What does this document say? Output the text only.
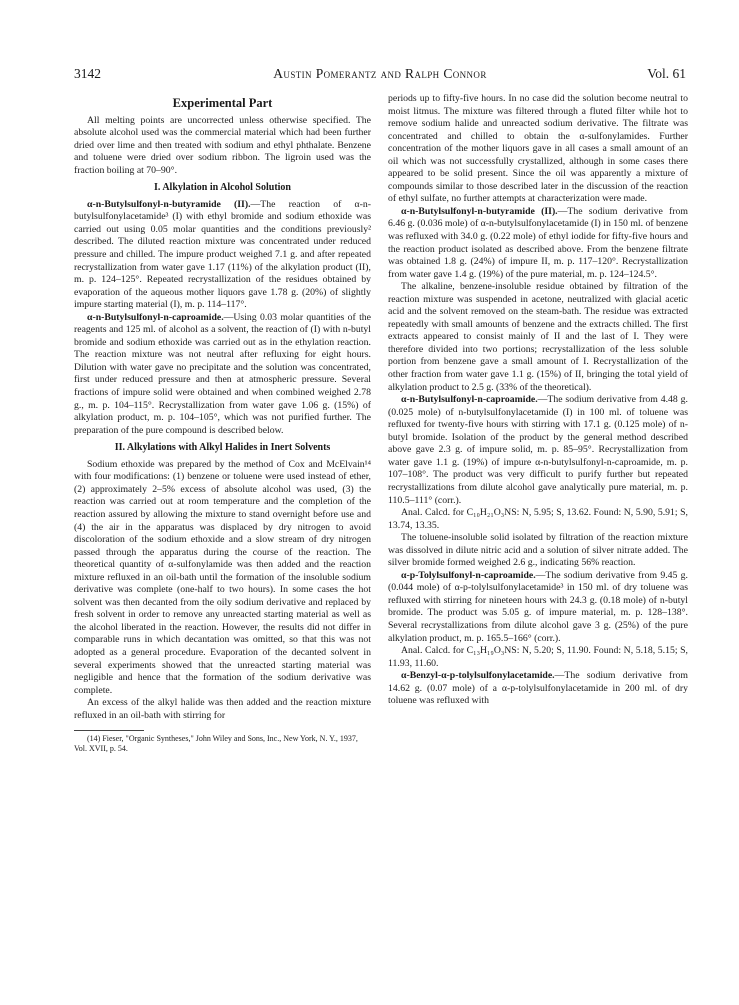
3142	Austin Pomerantz and Ralph Connor	Vol. 61
Experimental Part

All melting points are uncorrected unless otherwise specified. The absolute alcohol used was the commercial material which had been further dried over lime and then treated with sodium and ethyl phthalate. Benzene and toluene were dried over sodium ribbon. The ligroin used was the fraction boiling at 70–90°.

I. Alkylation in Alcohol Solution

α-n-Butylsulfonyl-n-butyramide (II).—The reaction of α-n-butylsulfonylacetamide³ (I) with ethyl bromide and sodium ethoxide was carried out using 0.05 molar quantities and the conditions previously² described. The diluted reaction mixture was concentrated under reduced pressure and chilled. The impure product weighed 7.1 g. and after repeated recrystallization from water gave 1.17 (11%) of the alkylation product (II), m. p. 124–125°. Repeated recrystallization of the residues obtained by evaporation of the aqueous mother liquors gave 1.78 g. (20%) of slightly impure starting material (I), m. p. 114–117°.

α-n-Butylsulfonyl-n-caproamide.—Using 0.03 molar quantities of the reagents and 125 ml. of alcohol as a solvent, the reaction of (I) with n-butyl bromide and sodium ethoxide was carried out as in the ethylation reaction. The reaction mixture was not neutral after refluxing for eight hours. Dilution with water gave no precipitate and the solution was concentrated, first under reduced pressure and then at atmospheric pressure. Several fractions of impure solid were obtained and when combined weighed 2.78 g., m. p. 104–115°. Recrystallization from water gave 1.06 g. (15%) of alkylation product, m. p. 104–105°, which was not purified further. The preparation of the pure compound is described below.

II. Alkylations with Alkyl Halides in Inert Solvents

Sodium ethoxide was prepared by the method of Cox and McElvain¹⁴ with four modifications: (1) benzene or toluene were used instead of ether, (2) approximately 2–5% excess of absolute alcohol was used, (3) the reaction was carried out at room temperature and the completion of the reaction assured by allowing the mixture to stand overnight before use and (4) the air in the apparatus was displaced by dry nitrogen to avoid discoloration of the sodium ethoxide and a slow stream of dry nitrogen passed through the apparatus during the course of the reaction. The theoretical quantity of α-sulfonylamide was then added and the reaction mixture refluxed in an oil-bath until the formation of the insoluble sodium derivative was complete (one-half to two hours). In some cases the hot solvent was then decanted from the oily sodium derivative and replaced by fresh solvent in order to remove any unreacted starting material as well as the alcohol liberated in the reaction. However, the results did not differ in comparable runs in which decantation was omitted, so that this was not adopted as a general procedure. Evaporation of the decanted solvent in several experiments showed that the unreacted starting material was negligible and hence that the formation of the sodium derivative was complete.

An excess of the alkyl halide was then added and the reaction mixture refluxed in an oil-bath with stirring for

(14) Fieser, "Organic Syntheses," John Wiley and Sons, Inc., New York, N. Y., 1937, Vol. XVII, p. 54.

periods up to fifty-five hours. In no case did the solution become neutral to moist litmus. The mixture was filtered through a fluted filter while hot to remove sodium halide and unreacted sodium derivative. The filtrate was concentrated and chilled to obtain the α-sulfonylamides. Further concentration of the mother liquors gave in all cases a small amount of an oil which was not successfully crystallized, although in some cases there appeared to be solid present. Since the oil was apparently a mixture of compounds similar to those described later in the discussion of the reaction of ethyl sulfate, no further attempts at characterization were made.

α-n-Butylsulfonyl-n-butyramide (II).—The sodium derivative from 6.46 g. (0.036 mole) of α-n-butylsulfonylacetamide (I) in 150 ml. of benzene was refluxed with 34.0 g. (0.22 mole) of ethyl iodide for fifty-five hours and the reaction product isolated as described above. From the benzene filtrate was obtained 1.8 g. (24%) of impure II, m. p. 117–120°. Recrystallization from water gave 1.4 g. (19%) of the pure material, m. p. 124–124.5°.

The alkaline, benzene-insoluble residue obtained by filtration of the reaction mixture was suspended in acetone, neutralized with glacial acetic acid and the solvent removed on the steam-bath. The residue was extracted repeatedly with small amounts of benzene and the extracts chilled. The first extracts appeared to consist mainly of II and the last of I. They were therefore divided into two portions; recrystallization of the less soluble portion from benzene gave a small amount of I. Recrystallization of the other fraction from water gave 1.1 g. (15%) of II, bringing the total yield of alkylation product to 2.5 g. (33% of the theoretical).

α-n-Butylsulfonyl-n-caproamide.—The sodium derivative from 4.48 g. (0.025 mole) of n-butylsulfonylacetamide (I) in 100 ml. of toluene was refluxed for twenty-five hours with stirring with 17.1 g. (0.125 mole) of n-butyl bromide. Isolation of the product by the general method described above gave 2.3 g. of impure solid, m. p. 85–95°. Recrystallization from water gave 1.1 g. (19%) of impure α-n-butylsulfonyl-n-caproamide, m. p. 107–108°. The product was very difficult to purify further but repeated recrystallizations from dilute alcohol gave analytically pure material, m. p. 110.5–111° (corr.).

Anal. Calcd. for C₁₀H₂₁O₃NS: N, 5.95; S, 13.62. Found: N, 5.90, 5.91; S, 13.74, 13.35.

The toluene-insoluble solid isolated by filtration of the reaction mixture was dissolved in dilute nitric acid and a solution of silver nitrate added. The silver bromide formed weighed 2.6 g., indicating 56% reaction.

α-p-Tolylsulfonyl-n-caproamide.—The sodium derivative from 9.45 g. (0.044 mole) of α-p-tolylsulfonylacetamide³ in 150 ml. of dry toluene was refluxed with stirring for nineteen hours with 24.3 g. (0.18 mole) of n-butyl bromide. The product was 5.05 g. of impure material, m. p. 128–138°. Several recrystallizations from dilute alcohol gave 3 g. (25%) of the pure alkylation product, m. p. 165.5–166° (corr.).

Anal. Calcd. for C₁₃H₁₉O₃NS: N, 5.20; S, 11.90. Found: N, 5.18, 5.15; S, 11.93, 11.60.

α-Benzyl-α-p-tolylsulfonylacetamide.—The sodium derivative from 14.62 g. (0.07 mole) of a α-p-tolylsulfonylacetamide in 200 ml. of dry toluene was refluxed with
